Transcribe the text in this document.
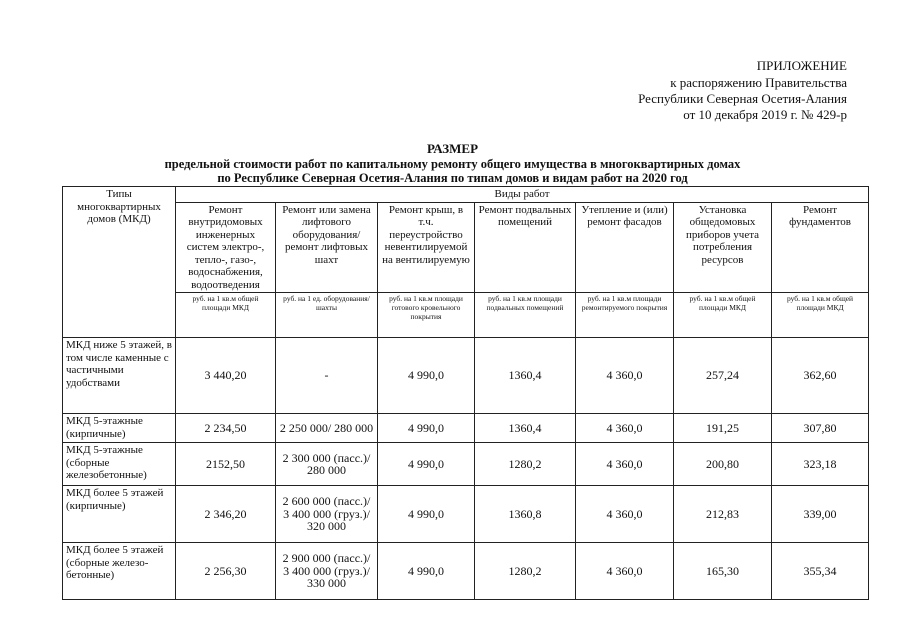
ПРИЛОЖЕНИЕ
к распоряжению Правительства
Республики Северная Осетия-Алания
от 10 декабря 2019 г. № 429-р
РАЗМЕР
предельной стоимости работ по капитальному ремонту общего имущества в многоквартирных домах
по Республике Северная Осетия-Алания по типам домов и видам работ на 2020 год
Типы многоквартирных домов (МКД)	Виды работ						
	Ремонт внутридомовых инженерных систем электро-, тепло-, газо-, водоснабжения, водоотведения	Ремонт или замена лифтового оборудования/ ремонт лифтовых шахт	Ремонт крыш, в т.ч. переустройство невентилируемой на вентилируемую	Ремонт подвальных помещений	Утепление и (или) ремонт фасадов	Установка общедомовых приборов учета потребления ресурсов	Ремонт фундаментов
	руб. на 1 кв.м общей площади МКД	руб. на 1 ед. оборудования/ шахты	руб. на 1 кв.м площади готового кровельного покрытия	руб. на 1 кв.м площади подвальных помещений	руб. на 1 кв.м площади ремонтируемого покрытия	руб. на 1 кв.м общей площади МКД	руб. на 1 кв.м общей площади МКД
МКД ниже 5 этажей, в том числе каменные с частичными удобствами	3 440,20	-	4 990,0	1360,4	4 360,0	257,24	362,60
МКД 5-этажные (кирпичные)	2 234,50	2 250 000/ 280 000	4 990,0	1360,4	4 360,0	191,25	307,80
МКД 5-этажные (сборные железобетонные)	2152,50	2 300 000 (пасс.)/ 280 000	4 990,0	1280,2	4 360,0	200,80	323,18
МКД более 5 этажей (кирпичные)	2 346,20	2 600 000 (пасс.)/ 3 400 000 (груз.)/ 320 000	4 990,0	1360,8	4 360,0	212,83	339,00
МКД более 5 этажей (сборные железо-бетонные)	2 256,30	2 900 000 (пасс.)/ 3 400 000 (груз.)/ 330 000	4 990,0	1280,2	4 360,0	165,30	355,34
